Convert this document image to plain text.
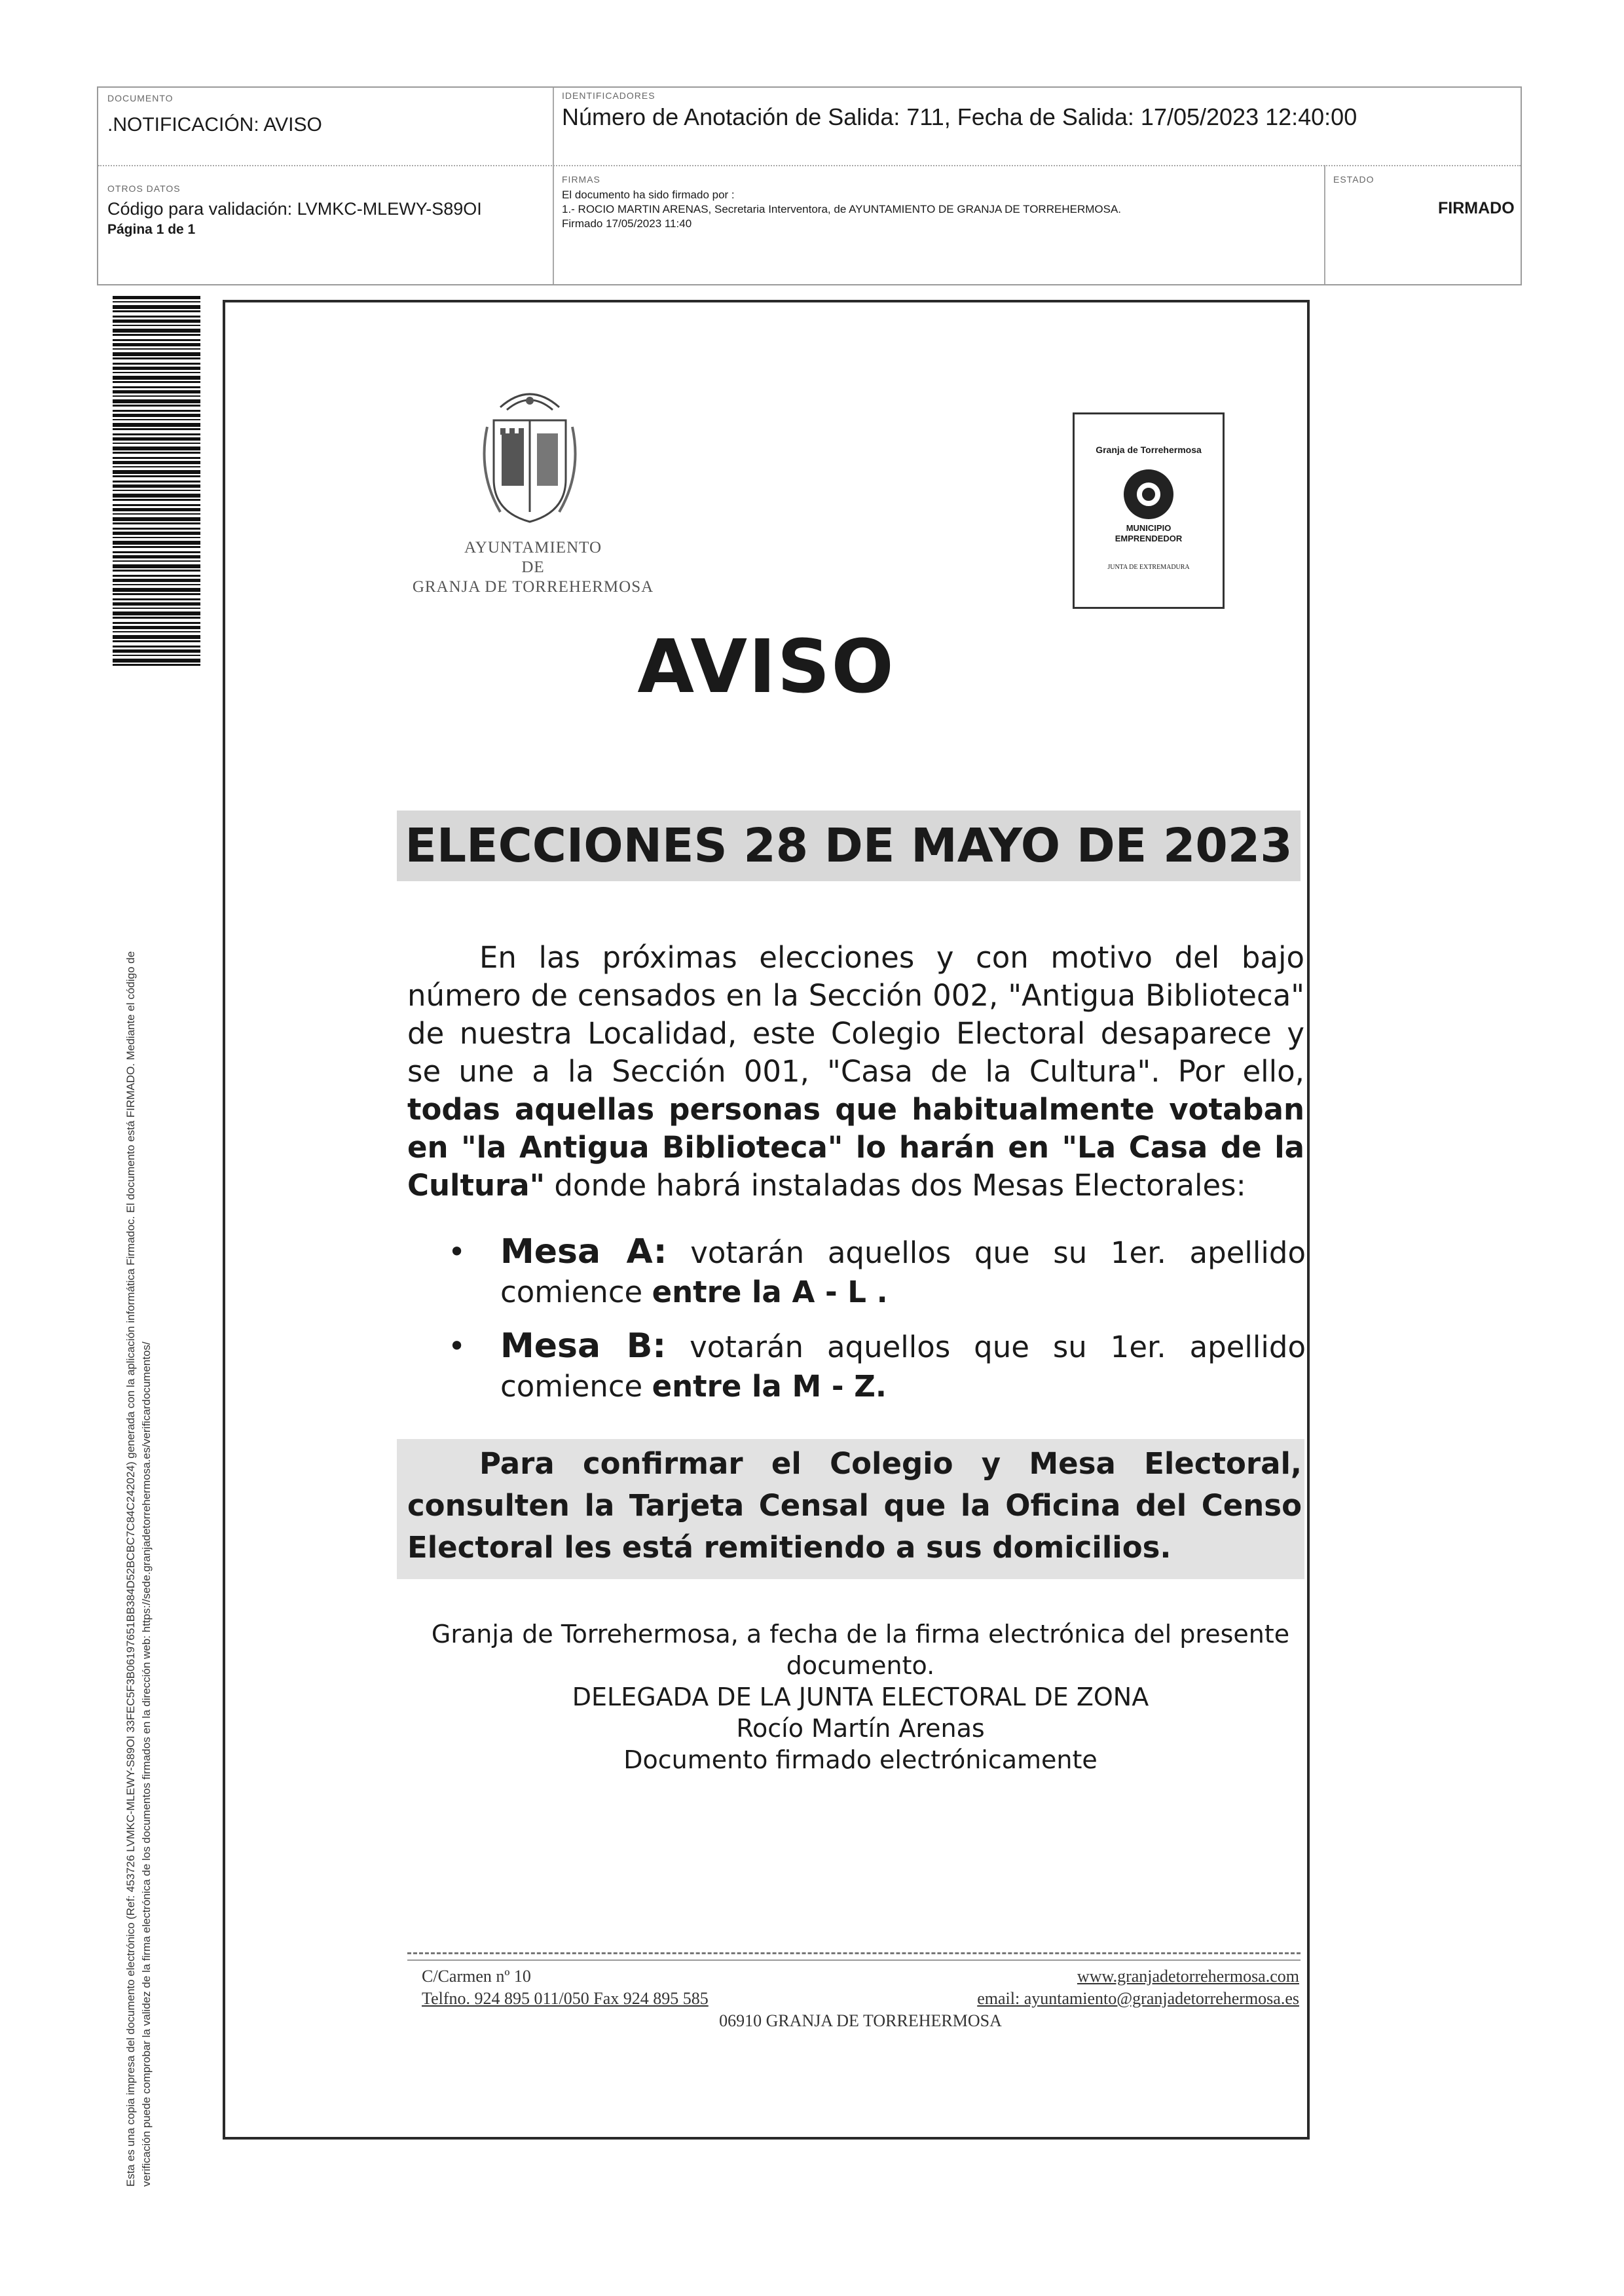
DOCUMENTO
.NOTIFICACIÓN: AVISO
IDENTIFICADORES
Número de Anotación de Salida: 711, Fecha de Salida: 17/05/2023 12:40:00
OTROS DATOS
Código para validación: LVMKC-MLEWY-S89OI
Página 1 de 1
FIRMAS
El documento ha sido firmado por :
1.- ROCIO MARTIN ARENAS, Secretaria Interventora, de AYUNTAMIENTO DE GRANJA DE TORREHERMOSA.
Firmado 17/05/2023 11:40
ESTADO
FIRMADO
Esta es una copia impresa del documento electrónico (Ref: 453726 LVMKC-MLEWY-S89OI 33FEC5F3B06197651BB384D52BCBC7C84C242024) generada con la aplicación informática Firmadoc. El documento está FIRMADO. Mediante el código de verificación puede comprobar la validez de la firma electrónica de los documentos firmados en la dirección web: https://sede.granjadetorrehermosa.es/verificardocumentos/
AYUNTAMIENTO
DE
GRANJA DE TORREHERMOSA
Granja de Torrehermosa
MUNICIPIO
EMPRENDEDOR
JUNTA DE EXTREMADURA
AVISO
ELECCIONES 28 DE MAYO DE 2023
En las próximas elecciones y con motivo del bajo número de censados en la Sección 002, "Antigua Biblioteca" de nuestra Localidad, este Colegio Electoral desaparece y se une a la Sección 001, "Casa de la Cultura". Por ello, todas aquellas personas que habitualmente votaban en "la Antigua Biblioteca" lo harán en "La Casa de la Cultura" donde habrá instaladas dos Mesas Electorales:
• Mesa A: votarán aquellos que su 1er. apellido comience entre la A - L .
• Mesa B: votarán aquellos que su 1er. apellido comience entre la M - Z.
Para confirmar el Colegio y Mesa Electoral, consulten la Tarjeta Censal que la Oficina del Censo Electoral les está remitiendo a sus domicilios.
Granja de Torrehermosa, a fecha de la firma electrónica del presente
documento.
DELEGADA DE LA JUNTA ELECTORAL DE ZONA
Rocío Martín Arenas
Documento firmado electrónicamente
C/Carmen nº 10	www.granjadetorrehermosa.com
Telfno. 924 895 011/050 Fax 924 895 585	email: ayuntamiento@granjadetorrehermosa.es
06910 GRANJA DE TORREHERMOSA
